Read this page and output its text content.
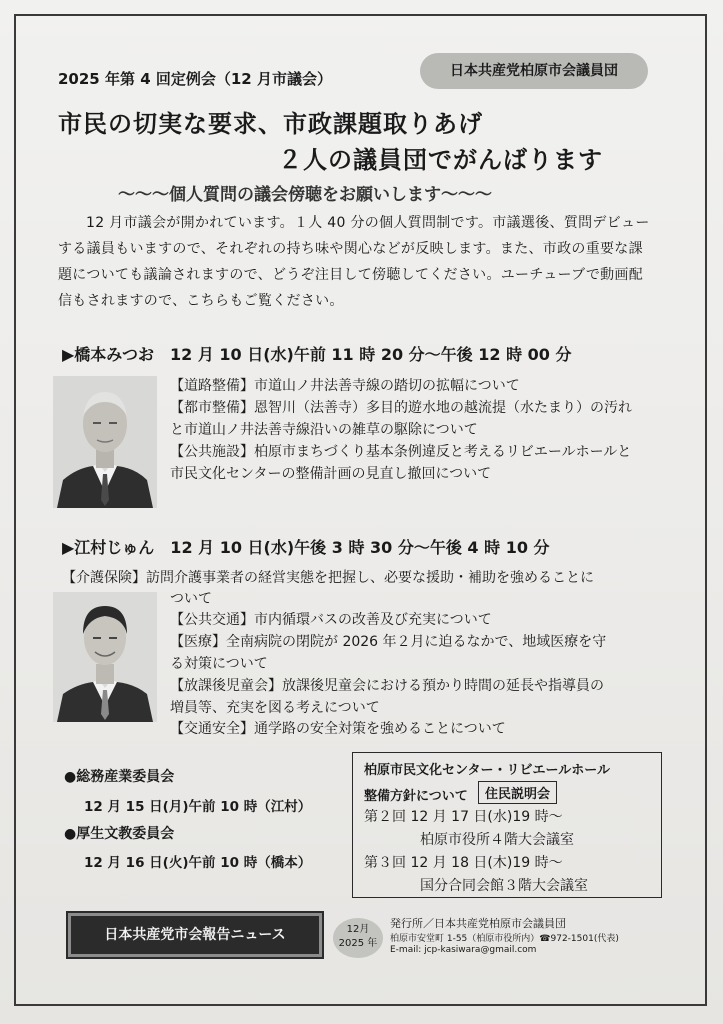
2025 年第 4 回定例会（12 月市議会）	日本共産党柏原市会議員団
市民の切実な要求、市政課題取りあげ
２人の議員団でがんばります
〜〜〜個人質問の議会傍聴をお願いします〜〜〜

12 月市議会が開かれています。１人 40 分の個人質問制です。市議選後、質問デビューする議員もいますので、それぞれの持ち味や関心などが反映します。また、市政の重要な課題についても議論されますので、どうぞ注目して傍聴してください。ユーチューブで動画配信もされますので、こちらもご覧ください。

▶橋本みつお　12 月 10 日(水)午前 11 時 20 分〜午後 12 時 00 分

【道路整備】市道山ノ井法善寺線の踏切の拡幅について

【都市整備】恩智川（法善寺）多目的遊水地の越流提（水たまり）の汚れと市道山ノ井法善寺線沿いの雑草の駆除について

【公共施設】柏原市まちづくり基本条例違反と考えるリビエールホールと市民文化センターの整備計画の見直し撤回について

▶江村じゅん　12 月 10 日(水)午後 3 時 30 分〜午後 4 時 10 分

【介護保険】訪問介護事業者の経営実態を把握し、必要な援助・補助を強めることに

ついて

【公共交通】市内循環バスの改善及び充実について

【医療】全南病院の閉院が 2026 年２月に迫るなかで、地域医療を守

る対策について

【放課後児童会】放課後児童会における預かり時間の延長や指導員の

増員等、充実を図る考えについて

【交通安全】通学路の安全対策を強めることについて

●総務産業委員会
12 月 15 日(月)午前 10 時（江村）
●厚生文教委員会
12 月 16 日(火)午前 10 時（橋本）
柏原市民文化センター・リビエールホール
整備方針について	住民説明会
第２回 12 月 17 日(水)19 時〜
柏原市役所４階大会議室
第３回 12 月 18 日(木)19 時〜
国分合同会館３階大会議室
日本共産党市会報告ニュース	12月
2025 年
発行所／日本共産党柏原市会議員団
柏原市安堂町 1-55（柏原市役所内）☎972-1501(代表)
E-mail: jcp-kasiwara@gmail.com
